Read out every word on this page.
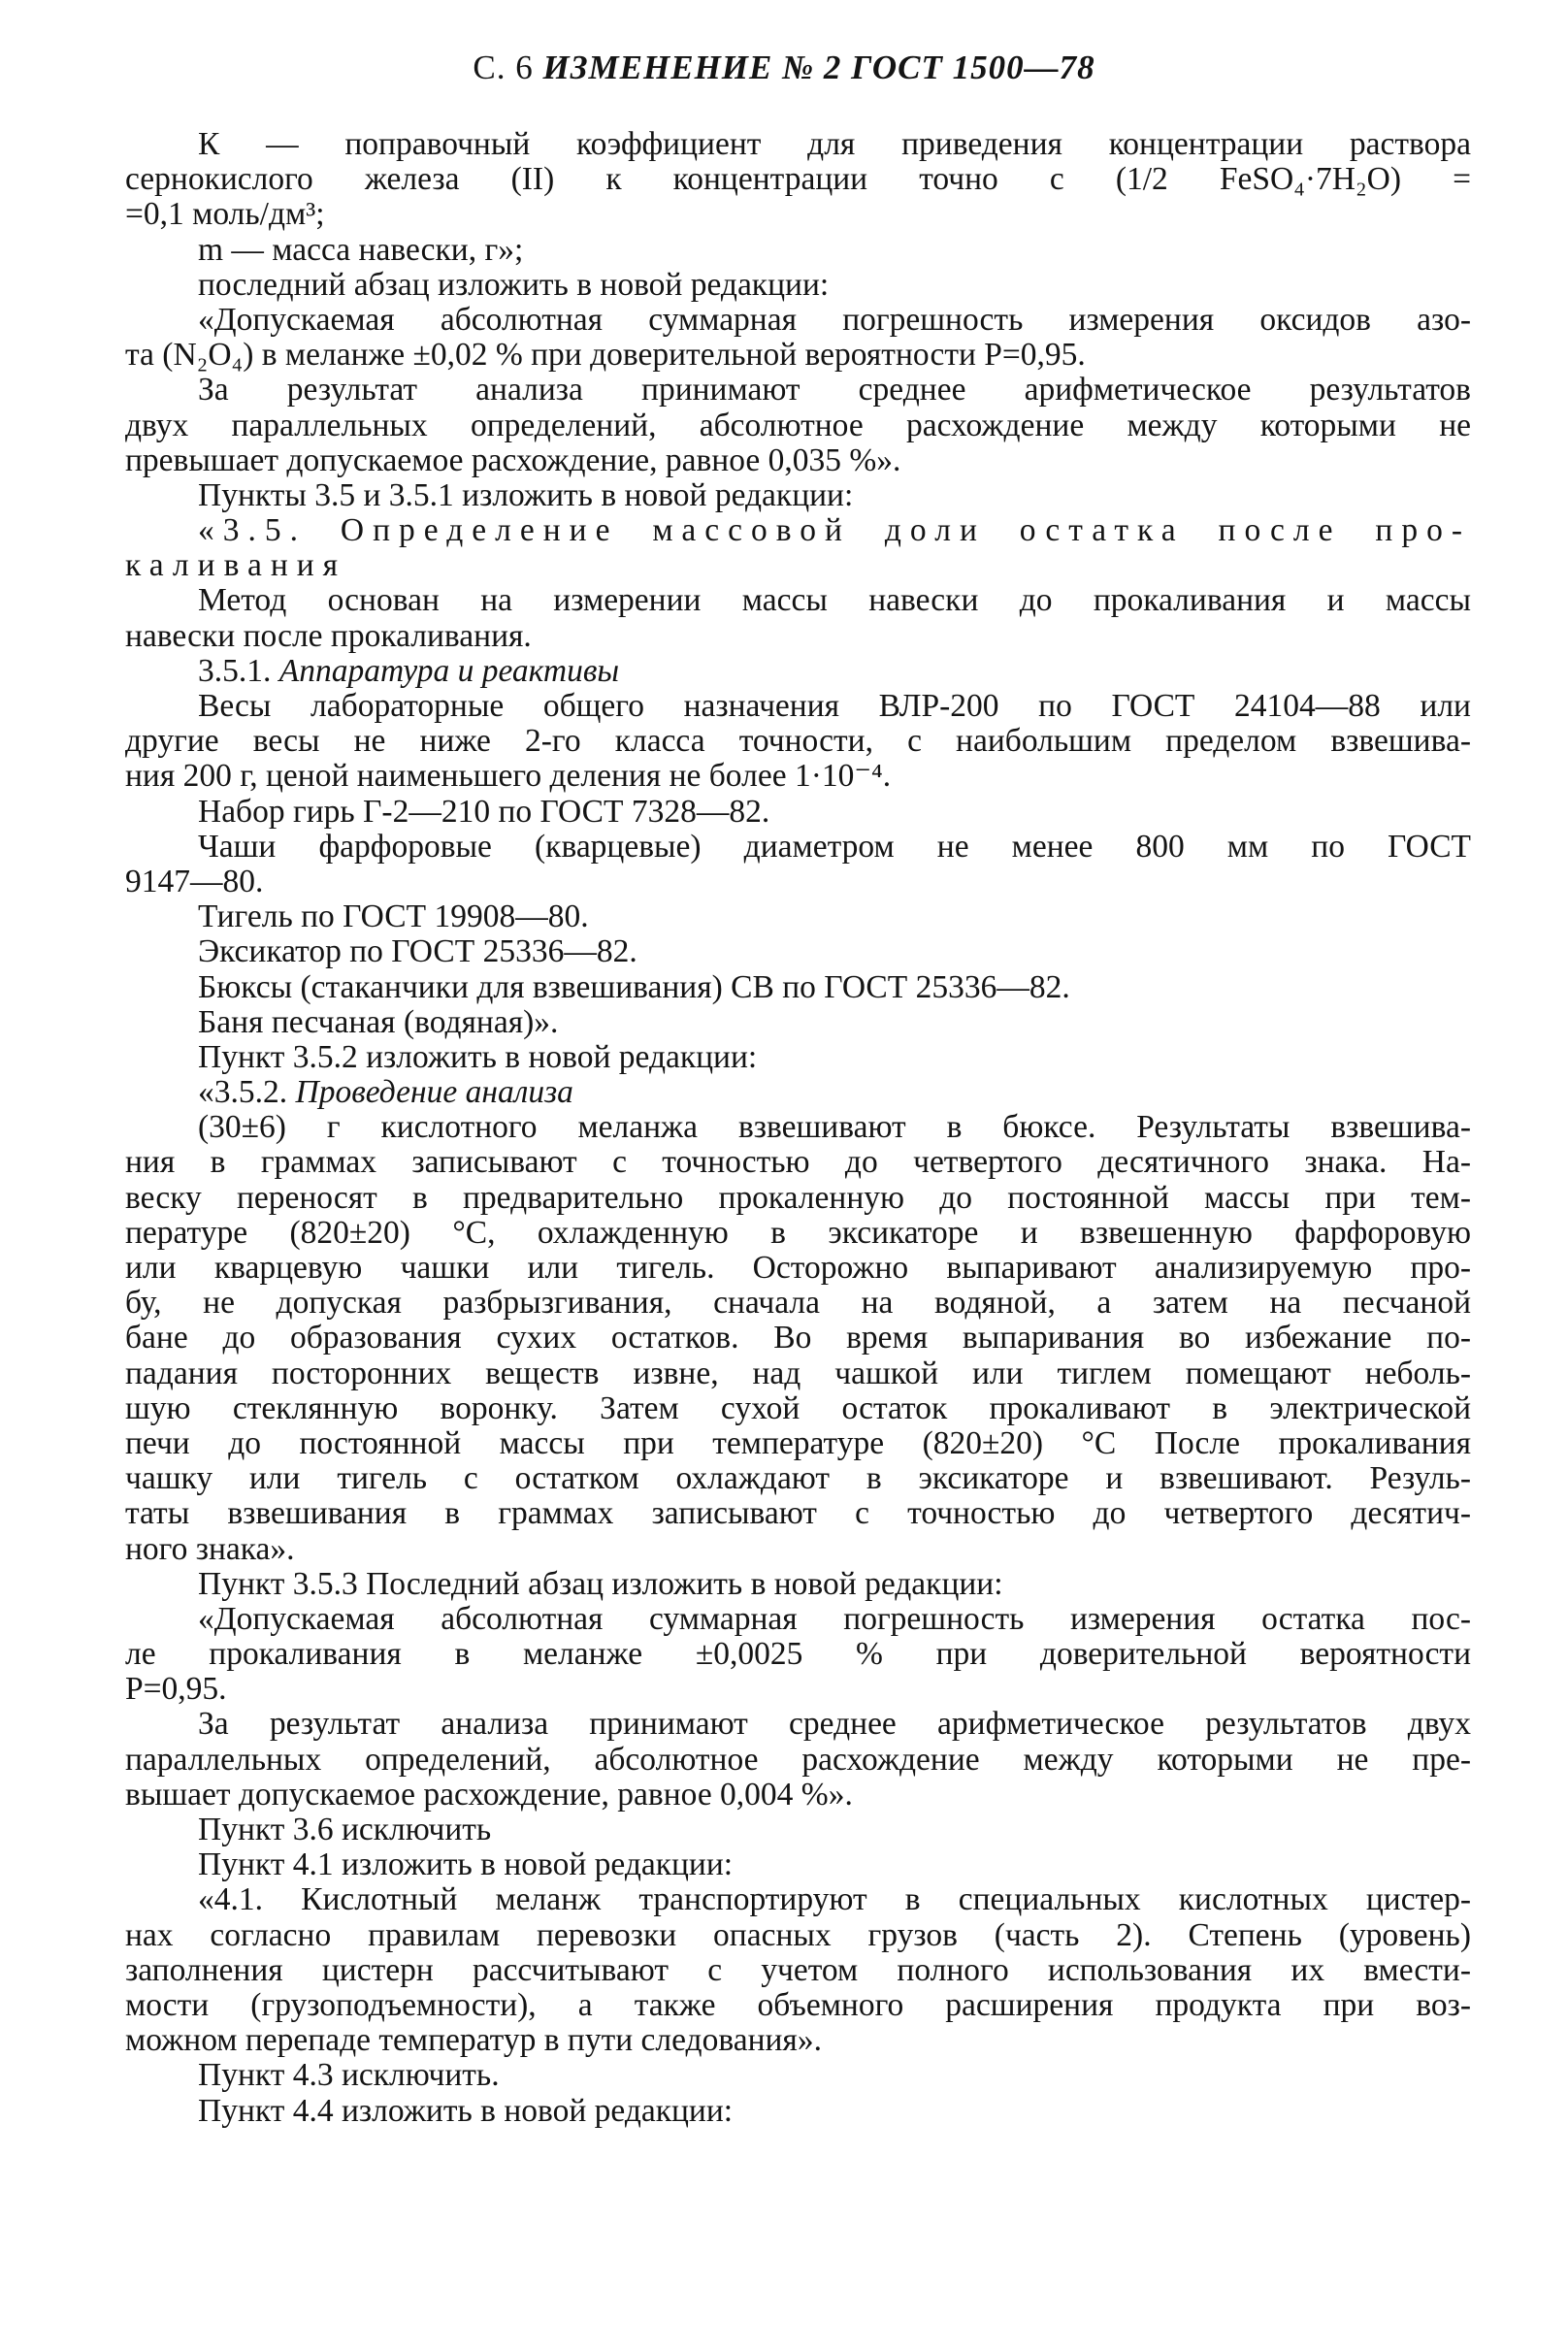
С. 6 ИЗМЕНЕНИЕ № 2 ГОСТ 1500—78
К — поправочный коэффициент для приведения концентрации раствора
сернокислого железа (II) к концентрации точно с (1/2 FeSO₄·7H₂O) =
=0,1 моль/дм³;
m — масса навески, г»;
последний абзац изложить в новой редакции:
«Допускаемая абсолютная суммарная погрешность измерения оксидов азо-
та (N₂O₄) в меланже ±0,02 % при доверительной вероятности Р=0,95.
За результат анализа принимают среднее арифметическое результатов
двух параллельных определений, абсолютное расхождение между которыми не
превышает допускаемое расхождение, равное 0,035 %».
Пункты 3.5 и 3.5.1 изложить в новой редакции:
«3.5. Определение массовой доли остатка после про-
каливания
Метод основан на измерении массы навески до прокаливания и массы
навески после прокаливания.
3.5.1. Аппаратура и реактивы
Весы лабораторные общего назначения ВЛР-200 по ГОСТ 24104—88 или
другие весы не ниже 2-го класса точности, с наибольшим пределом взвешива-
ния 200 г, ценой наименьшего деления не более 1·10⁻⁴.
Набор гирь Г-2—210 по ГОСТ 7328—82.
Чаши фарфоровые (кварцевые) диаметром не менее 800 мм по ГОСТ
9147—80.
Тигель по ГОСТ 19908—80.
Эксикатор по ГОСТ 25336—82.
Бюксы (стаканчики для взвешивания) СВ по ГОСТ 25336—82.
Баня песчаная (водяная)».
Пункт 3.5.2 изложить в новой редакции:
«3.5.2. Проведение анализа
(30±6) г кислотного меланжа взвешивают в бюксе. Результаты взвешива-
ния в граммах записывают с точностью до четвертого десятичного знака. На-
веску переносят в предварительно прокаленную до постоянной массы при тем-
пературе (820±20) °С, охлажденную в эксикаторе и взвешенную фарфоровую
или кварцевую чашки или тигель. Осторожно выпаривают анализируемую про-
бу, не допуская разбрызгивания, сначала на водяной, а затем на песчаной
бане до образования сухих остатков. Во время выпаривания во избежание по-
падания посторонних веществ извне, над чашкой или тиглем помещают неболь-
шую стеклянную воронку. Затем сухой остаток прокаливают в электрической
печи до постоянной массы при температуре (820±20) °С После прокаливания
чашку или тигель с остатком охлаждают в эксикаторе и взвешивают. Резуль-
таты взвешивания в граммах записывают с точностью до четвертого десятич-
ного знака».
Пункт 3.5.3 Последний абзац изложить в новой редакции:
«Допускаемая абсолютная суммарная погрешность измерения остатка пос-
ле прокаливания в меланже ±0,0025 % при доверительной вероятности
Р=0,95.
За результат анализа принимают среднее арифметическое результатов двух
параллельных определений, абсолютное расхождение между которыми не пре-
вышает допускаемое расхождение, равное 0,004 %».
Пункт 3.6 исключить
Пункт 4.1 изложить в новой редакции:
«4.1. Кислотный меланж транспортируют в специальных кислотных цистер-
нах согласно правилам перевозки опасных грузов (часть 2). Степень (уровень)
заполнения цистерн рассчитывают с учетом полного использования их вмести-
мости (грузоподъемности), а также объемного расширения продукта при воз-
можном перепаде температур в пути следования».
Пункт 4.3 исключить.
Пункт 4.4 изложить в новой редакции:
